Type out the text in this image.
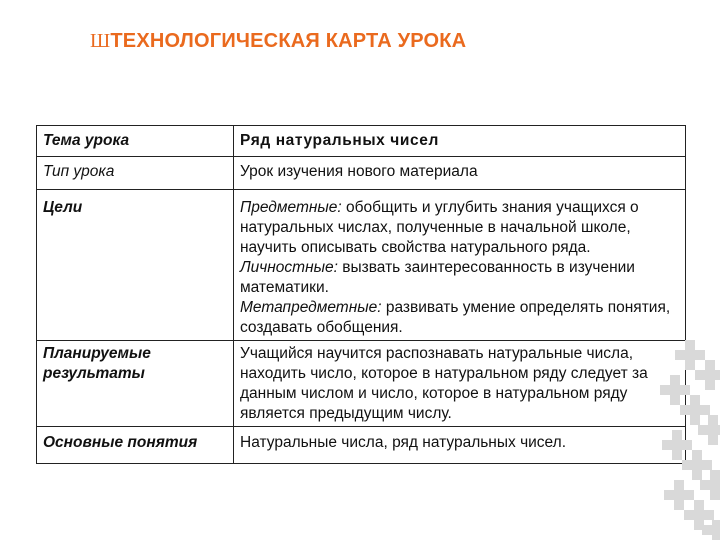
ШТЕХНОЛОГИЧЕСКАЯ КАРТА УРОКА
Тема урока	Ряд натуральных чисел
Тип урока	Урок изучения нового материала
Цели	Предметные: обобщить и углубить знания учащихся о натуральных числах, полученные в начальной школе, научить описывать свойства натурального ряда.
Личностные: вызвать заинтересованность в изучении математики.
Метапредметные: развивать умение определять понятия, создавать обобщения.

Планируемые
результаты	Учащийся научится распознавать натуральные числа, находить число, которое в натуральном ряду следует за данным числом и число, которое в натуральном ряду является предыдущим числу.
Основные понятия	Натуральные числа, ряд натуральных чисел.
